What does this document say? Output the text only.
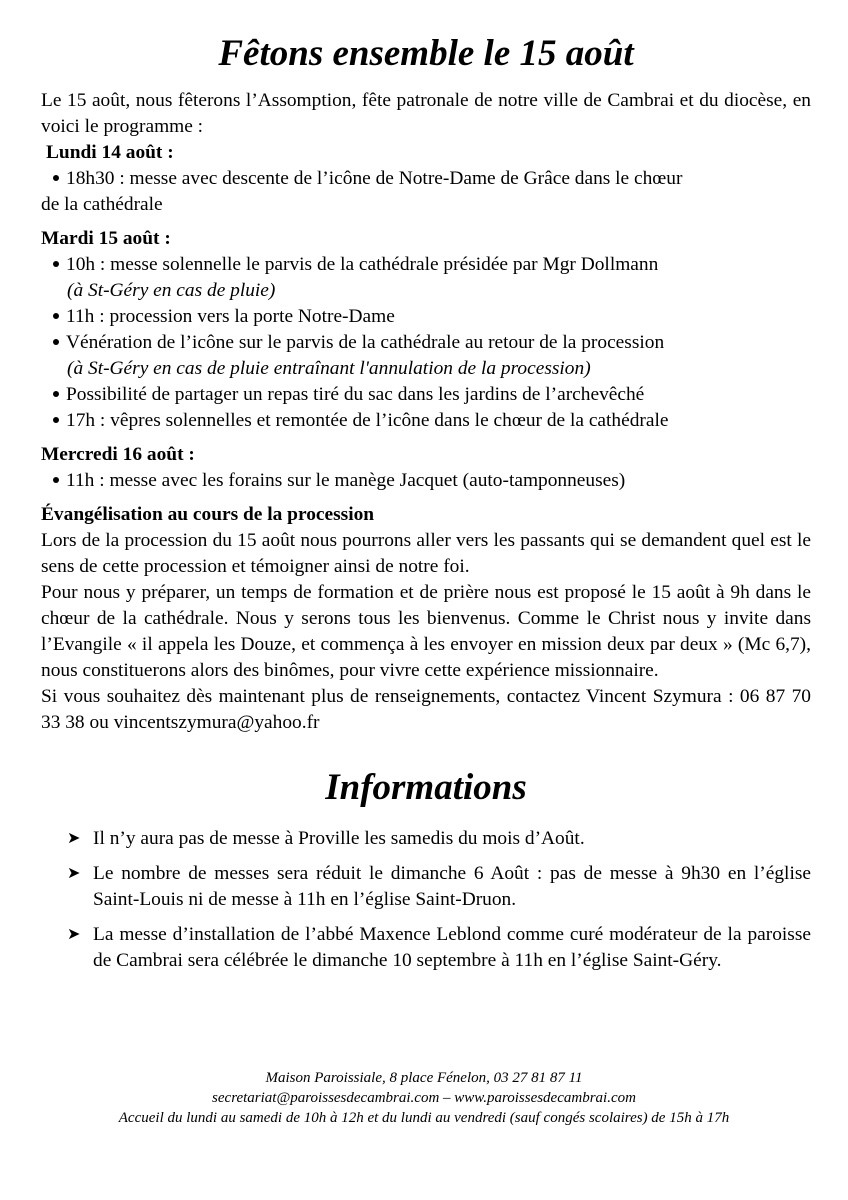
Fêtons ensemble le 15 août

Le 15 août, nous fêterons l’Assomption, fête patronale de notre ville de Cambrai et du diocèse, en voici le programme :

Lundi 14 août :

18h30 : messe avec descente de l’icône de Notre-Dame de Grâce dans le chœur
de la cathédrale

Mardi 15 août :

10h : messe solennelle le parvis de la cathédrale présidée par Mgr Dollmann
(à St-Géry en cas de pluie)
11h : procession vers la porte Notre-Dame
Vénération de l’icône sur le parvis de la cathédrale au retour de la procession
(à St-Géry en cas de pluie entraînant l'annulation de la procession)
Possibilité de partager un repas tiré du sac dans les jardins de l’archevêché
17h : vêpres solennelles et remontée de l’icône dans le chœur de la cathédrale

Mercredi 16 août :

11h : messe avec les forains sur le manège Jacquet (auto-tamponneuses)

Évangélisation au cours de la procession

Lors de la procession du 15 août nous pourrons aller vers les passants qui se demandent quel est le sens de cette procession et témoigner ainsi de notre foi.

Pour nous y préparer, un temps de formation et de prière nous est proposé le 15 août à 9h dans le chœur de la cathédrale. Nous y serons tous les bienvenus. Comme le Christ nous y invite dans l’Evangile « il appela les Douze, et commença à les envoyer en mission deux par deux » (Mc 6,7), nous constituerons alors des binômes, pour vivre cette expérience missionnaire.

Si vous souhaitez dès maintenant plus de renseignements, contactez Vincent Szymura : 06 87 70 33 38 ou vincentszymura@yahoo.fr

Informations
➤ Il n’y aura pas de messe à Proville les samedis du mois d’Août.
➤ Le nombre de messes sera réduit le dimanche 6 Août : pas de messe à 9h30 en l’église Saint-Louis ni de messe à 11h en l’église Saint-Druon.
➤ La messe d’installation de l’abbé Maxence Leblond comme curé modérateur de la paroisse de Cambrai sera célébrée le dimanche 10 septembre à 11h en l’église Saint-Géry.
Maison Paroissiale, 8 place Fénelon, 03 27 81 87 11
secretariat@paroissesdecambrai.com – www.paroissesdecambrai.com
Accueil du lundi au samedi de 10h à 12h et du lundi au vendredi (sauf congés scolaires) de 15h à 17h
